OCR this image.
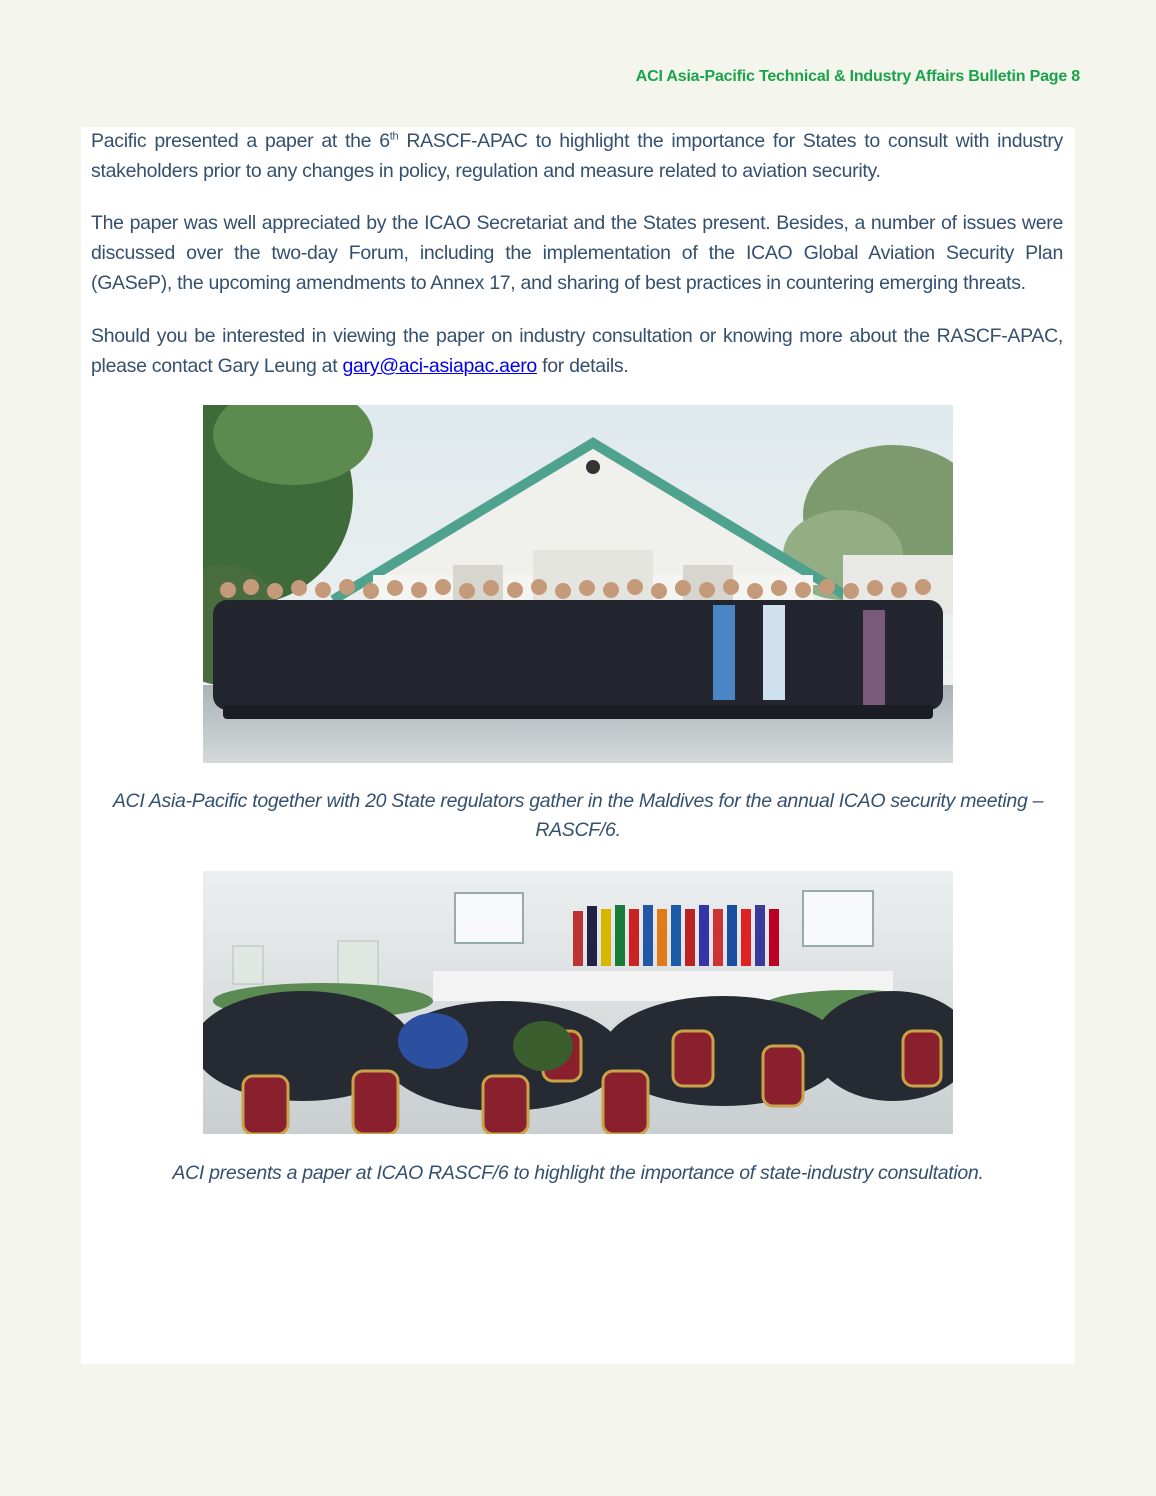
ACI Asia-Pacific Technical & Industry Affairs Bulletin Page 8

Pacific presented a paper at the 6th RASCF-APAC to highlight the importance for States to consult with industry stakeholders prior to any changes in policy, regulation and measure related to aviation security.

The paper was well appreciated by the ICAO Secretariat and the States present. Besides, a number of issues were discussed over the two-day Forum, including the implementation of the ICAO Global Aviation Security Plan (GASeP), the upcoming amendments to Annex 17, and sharing of best practices in countering emerging threats.

Should you be interested in viewing the paper on industry consultation or knowing more about the RASCF-APAC, please contact Gary Leung at gary@aci-asiapac.aero for details.

ACI Asia-Pacific together with 20 State regulators gather in the Maldives for the annual ICAO security meeting – RASCF/6.
ACI presents a paper at ICAO RASCF/6 to highlight the importance of state-industry consultation.
